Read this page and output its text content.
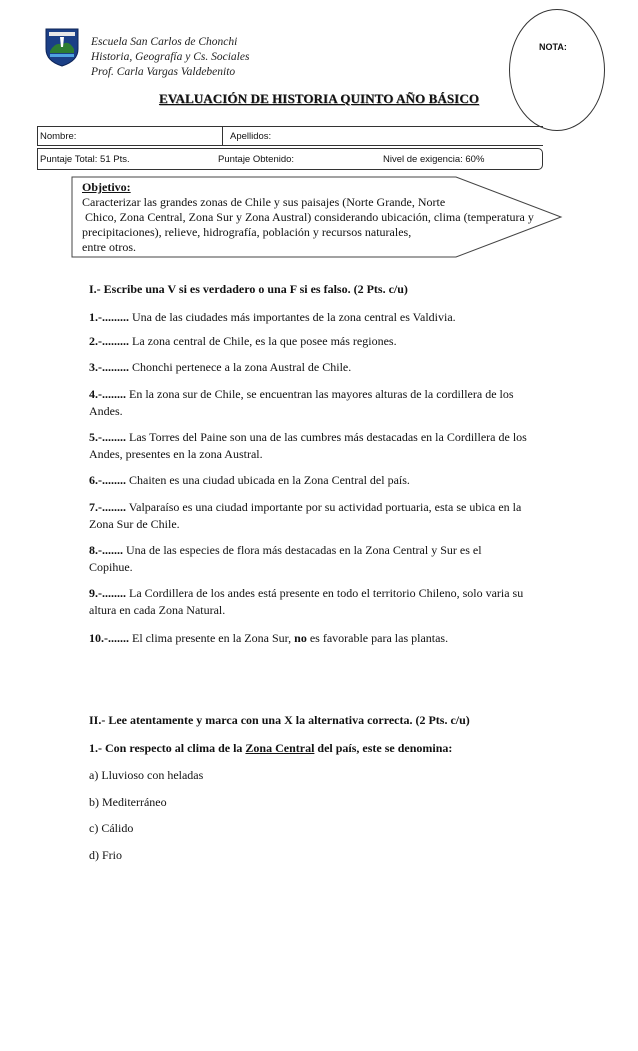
Escuela San Carlos de Chonchi
Historia, Geografía y Cs. Sociales
Prof. Carla Vargas Valdebenito
NOTA:
EVALUACIÓN DE HISTORIA QUINTO AÑO BÁSICO
Nombre:	Apellidos:
Puntaje Total: 51 Pts.	Puntaje Obtenido:	Nivel de exigencia: 60%
Objetivo:
Caracterizar las grandes zonas de Chile y sus paisajes (Norte Grande, Norte
Chico, Zona Central, Zona Sur y Zona Austral) considerando ubicación, clima (temperatura y
precipitaciones), relieve, hidrografía, población y recursos naturales,
entre otros.
I.- Escribe una V si es verdadero o una F si es falso. (2 Pts. c/u)
1.-......... Una de las ciudades más importantes de la zona central es Valdivia.
2.-......... La zona central de Chile, es la que posee más regiones.
3.-......... Chonchi pertenece a la zona Austral de Chile.
4.-........ En la zona sur de Chile, se encuentran las mayores alturas de la cordillera de los
Andes.
5.-........ Las Torres del Paine son una de las cumbres más destacadas en la Cordillera de los
Andes, presentes en la zona Austral.
6.-........ Chaiten es una ciudad ubicada en la Zona Central del país.
7.-........ Valparaíso es una ciudad importante por su actividad portuaria, esta se ubica en la
Zona Sur de Chile.
8.-....... Una de las especies de flora más destacadas en la Zona Central y Sur es el
Copihue.
9.-........ La Cordillera de los andes está presente en todo el territorio Chileno, solo varia su
altura en cada Zona Natural.
10.-....... El clima presente en la Zona Sur, no es favorable para las plantas.
II.- Lee atentamente y marca con una X la alternativa correcta. (2 Pts. c/u)
1.- Con respecto al clima de la Zona Central del país, este se denomina:
a) Lluvioso con heladas
b) Mediterráneo
c) Cálido
d) Frio
